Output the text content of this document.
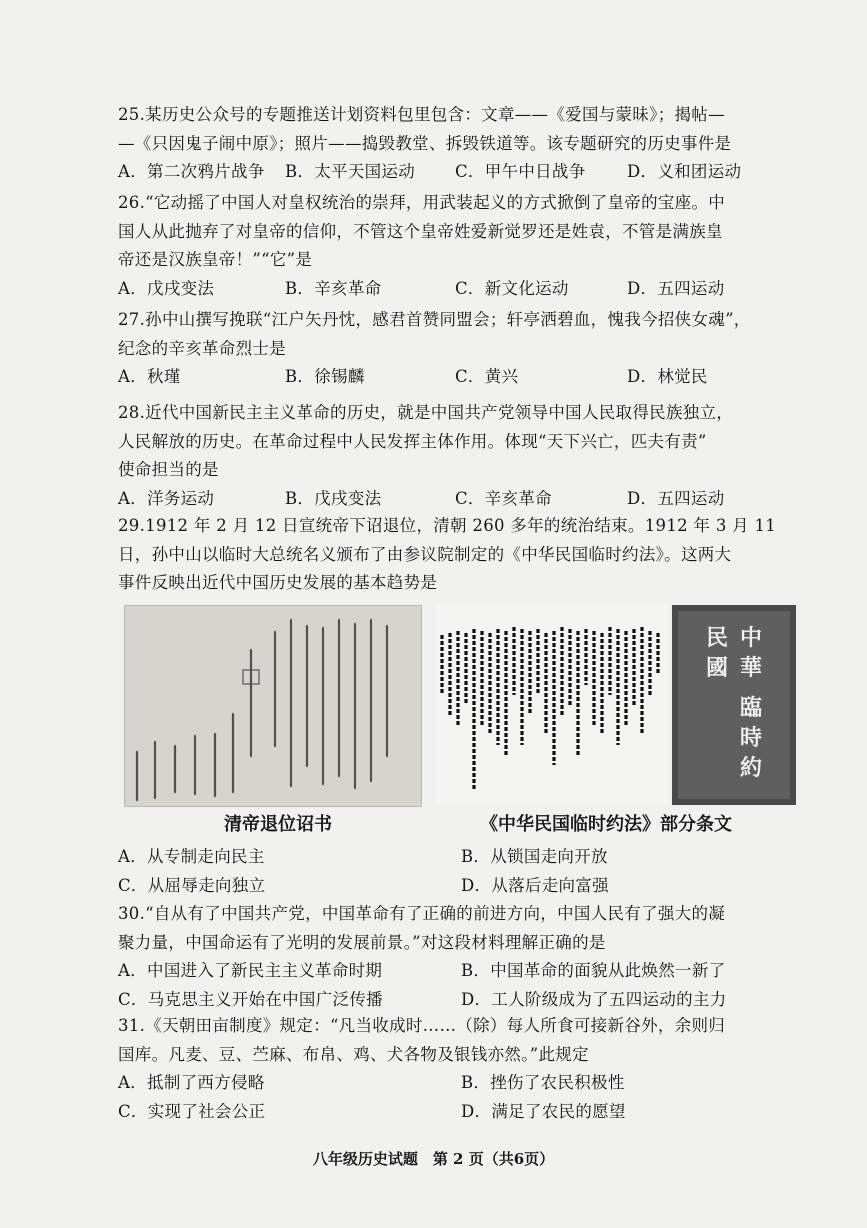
25.某历史公众号的专题推送计划资料包里包含：文章——《爱国与蒙昧》；揭帖—

—《只因鬼子闹中原》；照片——捣毁教堂、拆毁铁道等。该专题研究的历史事件是

A．第二次鸦片战争	B．太平天国运动	C．甲午中日战争	D．义和团运动

26.“它动摇了中国人对皇权统治的崇拜，用武装起义的方式掀倒了皇帝的宝座。中

国人从此抛弃了对皇帝的信仰，不管这个皇帝姓爱新觉罗还是姓袁，不管是满族皇

帝还是汉族皇帝！”“它”是

A．戊戌变法	B．辛亥革命	C．新文化运动	D．五四运动

27.孙中山撰写挽联“江户矢丹忱，感君首赞同盟会；轩亭洒碧血，愧我今招侠女魂”，

纪念的辛亥革命烈士是

A．秋瑾	B．徐锡麟	C．黄兴	D．林觉民

28.近代中国新民主主义革命的历史，就是中国共产党领导中国人民取得民族独立，

人民解放的历史。在革命过程中人民发挥主体作用。体现“天下兴亡，匹夫有责”

使命担当的是

A．洋务运动	B．戊戌变法	C．辛亥革命	D．五四运动

29.1912 年 2 月 12 日宣统帝下诏退位，清朝 260 多年的统治结束。1912 年 3 月 11

日，孙中山以临时大总统名义颁布了由参议院制定的《中华民国临时约法》。这两大

事件反映出近代中国历史发展的基本趋势是

中
華
民
國
臨
時
約
清帝退位诏书	《中华民国临时约法》部分条文
A．从专制走向民主	B．从锁国走向开放
C．从屈辱走向独立	D．从落后走向富强

30.“自从有了中国共产党，中国革命有了正确的前进方向，中国人民有了强大的凝

聚力量，中国命运有了光明的发展前景。”对这段材料理解正确的是

A．中国进入了新民主主义革命时期	B．中国革命的面貌从此焕然一新了
C．马克思主义开始在中国广泛传播	D．工人阶级成为了五四运动的主力

31.《天朝田亩制度》规定：“凡当收成时……（除）每人所食可接新谷外，余则归

国库。凡麦、豆、苎麻、布帛、鸡、犬各物及银钱亦然。”此规定

A．抵制了西方侵略	B．挫伤了农民积极性
C．实现了社会公正	D．满足了农民的愿望
八年级历史试题　第 2 页（共6页）
